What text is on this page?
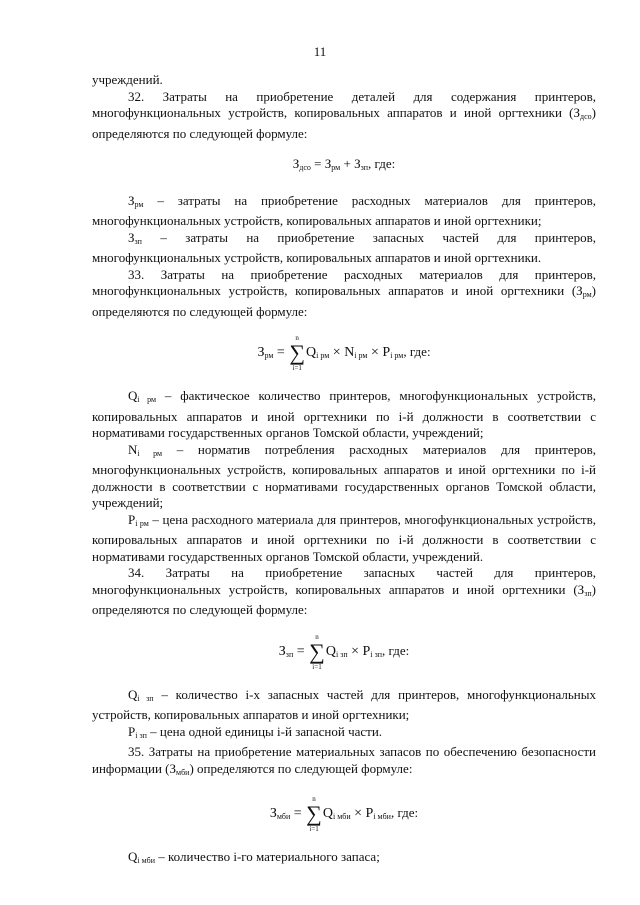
11

учреждений.

32. Затраты на приобретение деталей для содержания принтеров, многофункциональных устройств, копировальных аппаратов и иной оргтехники $(З_{дсо})$ определяются по следующей формуле:

$З_{дсо} = З_{рм} + З_{зп}$, где:

$З_{рм}$ – затраты на приобретение расходных материалов для принтеров, многофункциональных устройств, копировальных аппаратов и иной оргтехники;

$З_{зп}$ – затраты на приобретение запасных частей для принтеров, многофункциональных устройств, копировальных аппаратов и иной оргтехники.

33. Затраты на приобретение расходных материалов для принтеров, многофункциональных устройств, копировальных аппаратов и иной оргтехники $(З_{рм})$ определяются по следующей формуле:

$З_{рм}$ =
n
∑
i=1
$Q_{i рм} \times N_{i рм} \times P_{i рм}$, где:

$Q_{i рм}$ – фактическое количество принтеров, многофункциональных устройств, копировальных аппаратов и иной оргтехники по i-й должности в соответствии с нормативами государственных органов Томской области, учреждений;

$N_{i рм}$ – норматив потребления расходных материалов для принтеров, многофункциональных устройств, копировальных аппаратов и иной оргтехники по i-й должности в соответствии с нормативами государственных органов Томской области, учреждений;

$P_{i рм}$ – цена расходного материала для принтеров, многофункциональных устройств, копировальных аппаратов и иной оргтехники по i-й должности в соответствии с нормативами государственных органов Томской области, учреждений.

34. Затраты на приобретение запасных частей для принтеров, многофункциональных устройств, копировальных аппаратов и иной оргтехники $(З_{зп})$ определяются по следующей формуле:

$З_{зп}$ =
n
∑
i=1
$Q_{i зп} \times P_{i зп}$, где:

$Q_{i зп}$ – количество i-х запасных частей для принтеров, многофункциональных устройств, копировальных аппаратов и иной оргтехники;

$P_{i зп}$ – цена одной единицы i-й запасной части.

35. Затраты на приобретение материальных запасов по обеспечению безопасности информации $(З_{мби})$ определяются по следующей формуле:

$З_{мби}$ =
n
∑
i=1
$Q_{i мби} \times P_{i мби}$, где:

$Q_{i мби}$ – количество i-го материального запаса;
